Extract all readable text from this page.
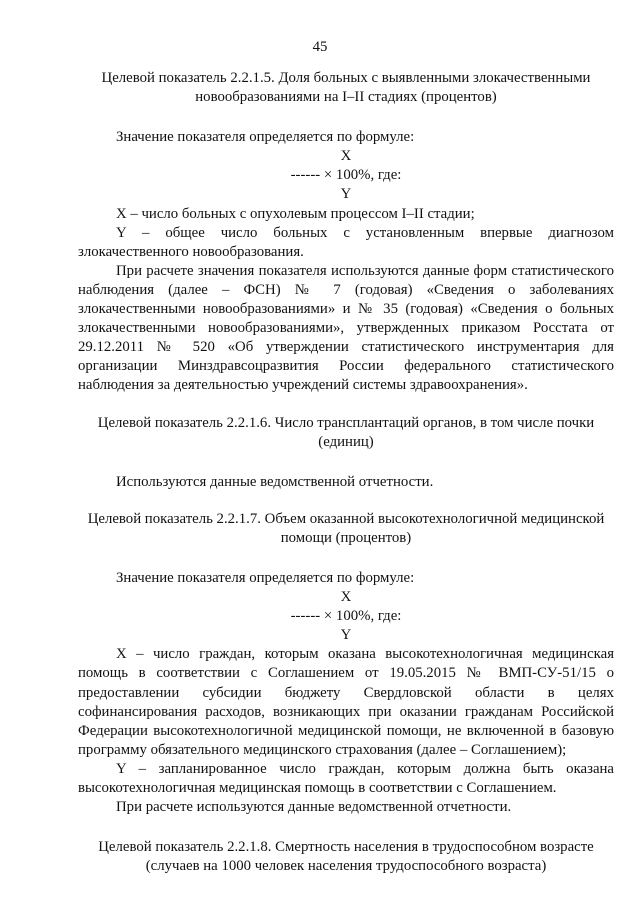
45

Целевой показатель 2.2.1.5. Доля больных с выявленными злокачественными новообразованиями на I–II стадиях (процентов)

Значение показателя определяется по формуле:

X

------ × 100%, где:

Y

X – число больных с опухолевым процессом I–II стадии;

Y – общее число больных с установленным впервые диагнозом злокачественного новообразования.

При расчете значения показателя используются данные форм статистического наблюдения (далее – ФСН) № 7 (годовая) «Сведения о заболеваниях злокачественными новообразованиями» и № 35 (годовая) «Сведения о больных злокачественными новообразованиями», утвержденных приказом Росстата от 29.12.2011 № 520 «Об утверждении статистического инструментария для организации Минздравсоцразвития России федерального статистического наблюдения за деятельностью учреждений системы здравоохранения».

Целевой показатель 2.2.1.6. Число трансплантаций органов, в том числе почки (единиц)

Используются данные ведомственной отчетности.

Целевой показатель 2.2.1.7. Объем оказанной высокотехнологичной медицинской помощи (процентов)

Значение показателя определяется по формуле:

X

------ × 100%, где:

Y

X – число граждан, которым оказана высокотехнологичная медицинская помощь в соответствии с Соглашением от 19.05.2015 № ВМП-СУ-51/15 о предоставлении субсидии бюджету Свердловской области в целях софинансирования расходов, возникающих при оказании гражданам Российской Федерации высокотехнологичной медицинской помощи, не включенной в базовую программу обязательного медицинского страхования (далее – Соглашением);

Y – запланированное число граждан, которым должна быть оказана высокотехнологичная медицинская помощь в соответствии с Соглашением.

При расчете используются данные ведомственной отчетности.

Целевой показатель 2.2.1.8. Смертность населения в трудоспособном возрасте (случаев на 1000 человек населения трудоспособного возраста)
